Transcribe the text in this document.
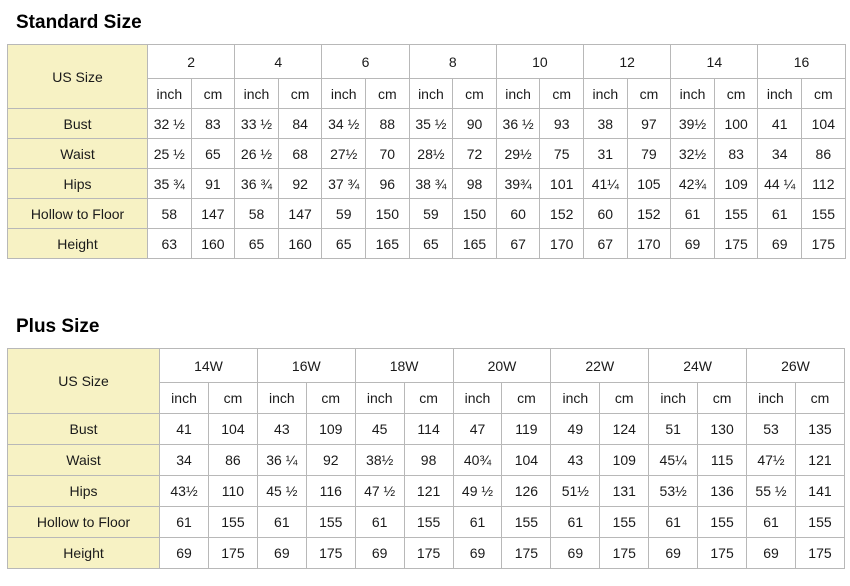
Standard Size
US Size	2		4		6		8		10		12		14		16	
	inch	cm	inch	cm	inch	cm	inch	cm	inch	cm	inch	cm	inch	cm	inch	cm
Bust	32 ½	83	33 ½	84	34 ½	88	35 ½	90	36 ½	93	38	97	39½	100	41	104
Waist	25 ½	65	26 ½	68	27½	70	28½	72	29½	75	31	79	32½	83	34	86
Hips	35 ¾	91	36 ¾	92	37 ¾	96	38 ¾	98	39¾	101	41¼	105	42¾	109	44 ¼	112
Hollow to Floor	58	147	58	147	59	150	59	150	60	152	60	152	61	155	61	155
Height	63	160	65	160	65	165	65	165	67	170	67	170	69	175	69	175
Plus Size
US Size	14W		16W		18W		20W		22W		24W		26W	
	inch	cm	inch	cm	inch	cm	inch	cm	inch	cm	inch	cm	inch	cm
Bust	41	104	43	109	45	114	47	119	49	124	51	130	53	135
Waist	34	86	36 ¼	92	38½	98	40¾	104	43	109	45¼	115	47½	121
Hips	43½	110	45 ½	116	47 ½	121	49 ½	126	51½	131	53½	136	55 ½	141
Hollow to Floor	61	155	61	155	61	155	61	155	61	155	61	155	61	155
Height	69	175	69	175	69	175	69	175	69	175	69	175	69	175
